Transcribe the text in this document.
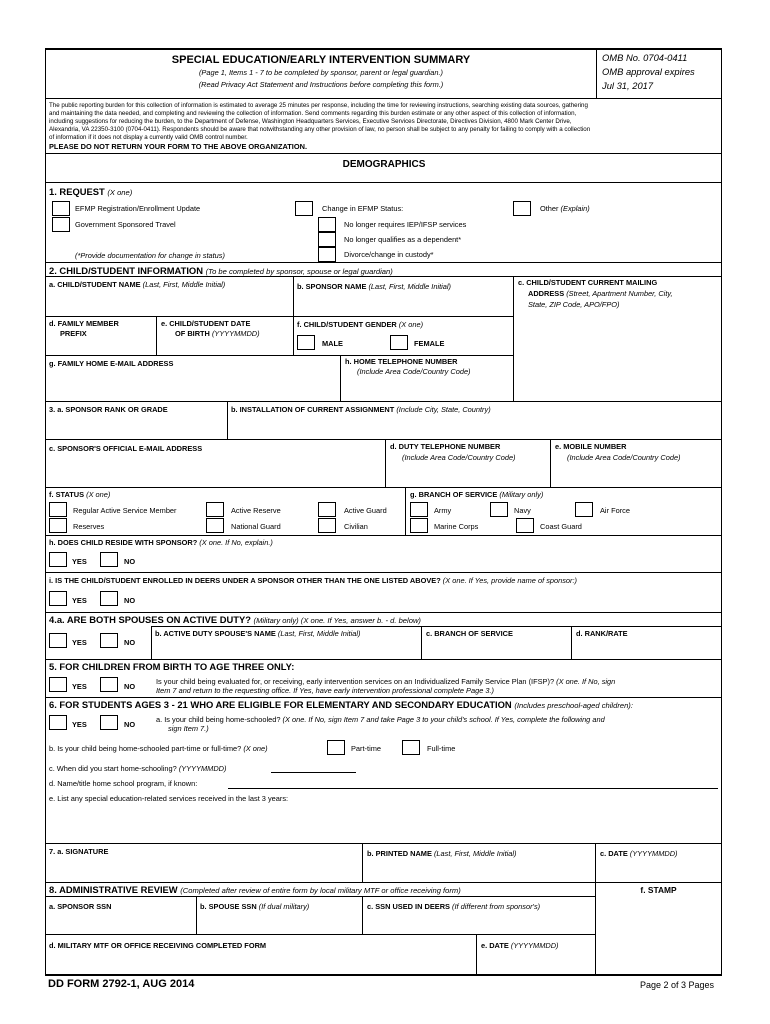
SPECIAL EDUCATION/EARLY INTERVENTION SUMMARY
(Page 1, Items 1 - 7 to be completed by sponsor, parent or legal guardian.)
(Read Privacy Act Statement and Instructions before completing this form.)
OMB No. 0704-0411
OMB approval expires
Jul 31, 2017
The public reporting burden for this collection of information is estimated to average 25 minutes per response, including the time for reviewing instructions, searching existing data sources, gathering
and maintaining the data needed, and completing and reviewing the collection of information. Send comments regarding this burden estimate or any other aspect of this collection of information,
including suggestions for reducing the burden, to the Department of Defense, Washington Headquarters Services, Executive Services Directorate, Directives Division, 4800 Mark Center Drive,
Alexandria, VA 22350-3100 (0704-0411). Respondents should be aware that notwithstanding any other provision of law, no person shall be subject to any penalty for failing to comply with a collection
of information if it does not display a currently valid OMB control number.
PLEASE DO NOT RETURN YOUR FORM TO THE ABOVE ORGANIZATION.
DEMOGRAPHICS
1. REQUEST (X one)
EFMP Registration/Enrollment Update
Government Sponsored Travel
Change in EFMP Status:
No longer requires IEP/IFSP services
No longer qualifies as a dependent*
Divorce/change in custody*
Other (Explain)
(*Provide documentation for change in status)
2. CHILD/STUDENT INFORMATION (To be completed by sponsor, spouse or legal guardian)
a. CHILD/STUDENT NAME (Last, First, Middle Initial)	b. SPONSOR NAME (Last, First, Middle Initial)	c. CHILD/STUDENT CURRENT MAILING
ADDRESS (Street, Apartment Number, City,
State, ZIP Code, APO/FPO)
d. FAMILY MEMBER
PREFIX
e. CHILD/STUDENT DATE
OF BIRTH (YYYYMMDD)
f. CHILD/STUDENT GENDER (X one)
MALE	FEMALE
g. FAMILY HOME E-MAIL ADDRESS	h. HOME TELEPHONE NUMBER
(Include Area Code/Country Code)
3. a. SPONSOR RANK OR GRADE	b. INSTALLATION OF CURRENT ASSIGNMENT (Include City, State, Country)
c. SPONSOR'S OFFICIAL E-MAIL ADDRESS	d. DUTY TELEPHONE NUMBER
(Include Area Code/Country Code)
e. MOBILE NUMBER
(Include Area Code/Country Code)
f. STATUS (X one)
Regular Active Service Member	Active Reserve	Active Guard
Reserves	National Guard	Civilian
g. BRANCH OF SERVICE (Military only)
Army	Navy	Air Force
Marine Corps	Coast Guard
h. DOES CHILD RESIDE WITH SPONSOR? (X one. If No, explain.)
YES	NO
i. IS THE CHILD/STUDENT ENROLLED IN DEERS UNDER A SPONSOR OTHER THAN THE ONE LISTED ABOVE? (X one. If Yes, provide name of sponsor:)
YES	NO
4.a. ARE BOTH SPOUSES ON ACTIVE DUTY? (Military only) (X one. If Yes, answer b. - d. below)
YES	NO
b. ACTIVE DUTY SPOUSE'S NAME (Last, First, Middle Initial)	c. BRANCH OF SERVICE	d. RANK/RATE
5. FOR CHILDREN FROM BIRTH TO AGE THREE ONLY:
YES	NO
Is your child being evaluated for, or receiving, early intervention services on an Individualized Family Service Plan (IFSP)? (X one. If No, sign
Item 7 and return to the requesting office. If Yes, have early intervention professional complete Page 3.)
6. FOR STUDENTS AGES 3 - 21 WHO ARE ELIGIBLE FOR ELEMENTARY AND SECONDARY EDUCATION (Includes preschool-aged children):
YES	NO
a. Is your child being home-schooled? (X one. If No, sign Item 7 and take Page 3 to your child's school. If Yes, complete the following and
sign Item 7.)
b. Is your child being home-schooled part-time or full-time? (X one)	Part-time	Full-time
c. When did you start home-schooling? (YYYYMMDD)
d. Name/title home school program, if known:
e. List any special education-related services received in the last 3 years:
7. a. SIGNATURE	b. PRINTED NAME (Last, First, Middle Initial)	c. DATE (YYYYMMDD)
8. ADMINISTRATIVE REVIEW (Completed after review of entire form by local military MTF or office receiving form)	f. STAMP
a. SPONSOR SSN	b. SPOUSE SSN (If dual military)	c. SSN USED IN DEERS (If different from sponsor's)
d. MILITARY MTF OR OFFICE RECEIVING COMPLETED FORM	e. DATE (YYYYMMDD)
DD FORM 2792-1, AUG 2014	Page 2 of 3 Pages
